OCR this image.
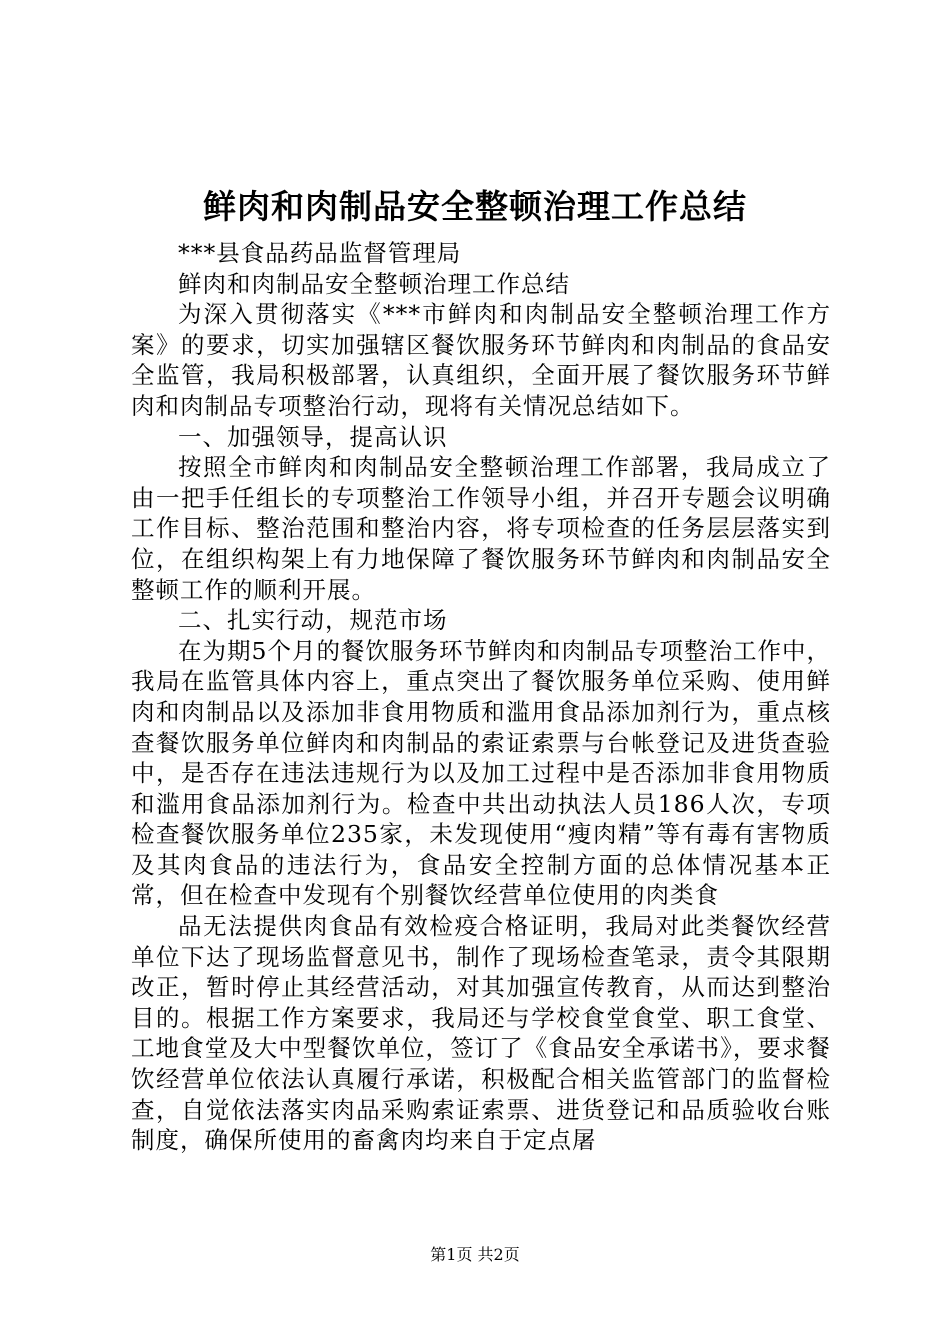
鲜肉和肉制品安全整顿治理工作总结

***县食品药品监督管理局

鲜肉和肉制品安全整顿治理工作总结

为深入贯彻落实《***市鲜肉和肉制品安全整顿治理工作方案》的要求，切实加强辖区餐饮服务环节鲜肉和肉制品的食品安全监管，我局积极部署，认真组织，全面开展了餐饮服务环节鲜肉和肉制品专项整治行动，现将有关情况总结如下。

一、加强领导，提高认识

按照全市鲜肉和肉制品安全整顿治理工作部署，我局成立了由一把手任组长的专项整治工作领导小组，并召开专题会议明确工作目标、整治范围和整治内容，将专项检查的任务层层落实到位，在组织构架上有力地保障了餐饮服务环节鲜肉和肉制品安全整顿工作的顺利开展。

二、扎实行动，规范市场

在为期5个月的餐饮服务环节鲜肉和肉制品专项整治工作中，我局在监管具体内容上，重点突出了餐饮服务单位采购、使用鲜肉和肉制品以及添加非食用物质和滥用食品添加剂行为，重点核查餐饮服务单位鲜肉和肉制品的索证索票与台帐登记及进货查验中，是否存在违法违规行为以及加工过程中是否添加非食用物质和滥用食品添加剂行为。检查中共出动执法人员186人次，专项检查餐饮服务单位235家，未发现使用“瘦肉精”等有毒有害物质及其肉食品的违法行为，食品安全控制方面的总体情况基本正常，但在检查中发现有个别餐饮经营单位使用的肉类食

品无法提供肉食品有效检疫合格证明，我局对此类餐饮经营单位下达了现场监督意见书，制作了现场检查笔录，责令其限期改正，暂时停止其经营活动，对其加强宣传教育，从而达到整治目的。根据工作方案要求，我局还与学校食堂食堂、职工食堂、工地食堂及大中型餐饮单位，签订了《食品安全承诺书》，要求餐饮经营单位依法认真履行承诺，积极配合相关监管部门的监督检查，自觉依法落实肉品采购索证索票、进货登记和品质验收台账制度，确保所使用的畜禽肉均来自于定点屠

第1页 共2页
